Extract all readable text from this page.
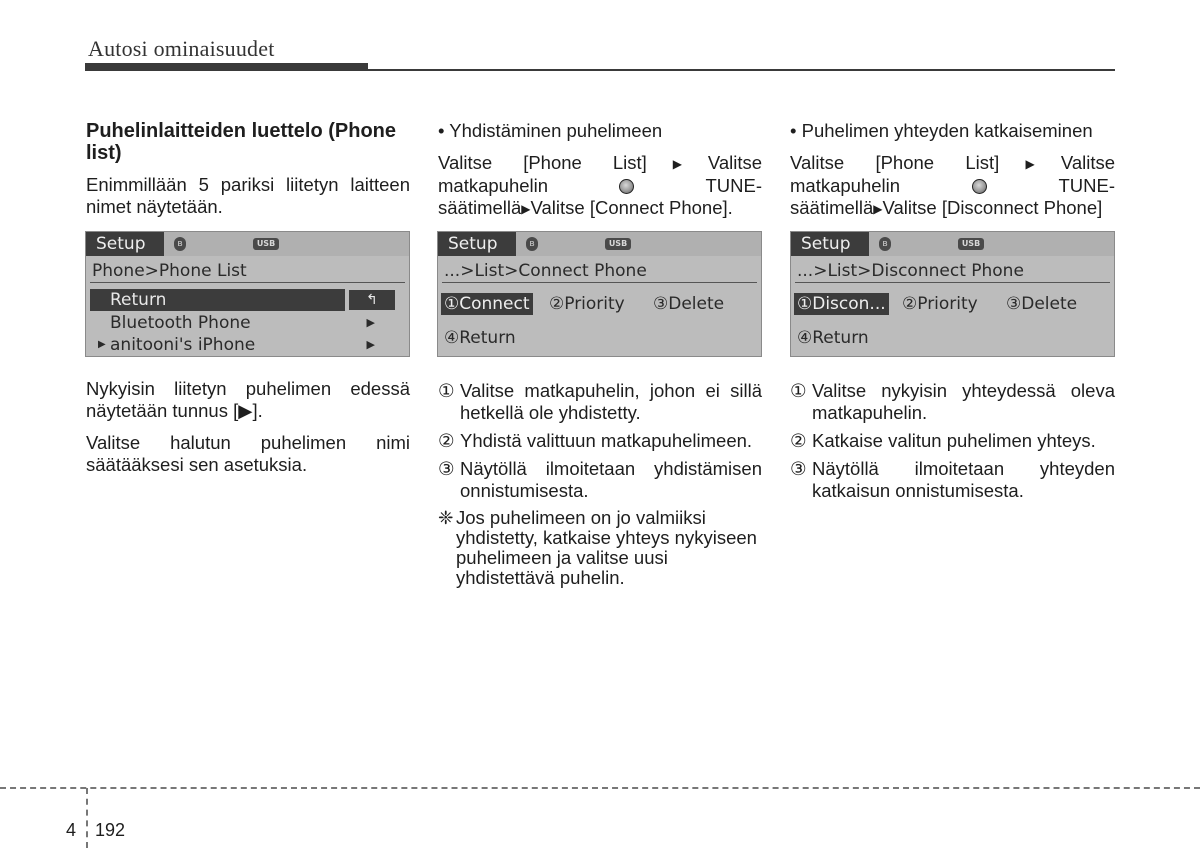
Autosi ominaisuudet
Puhelinlaitteiden luettelo (Phone list)

Enimmillään 5 pariksi liitetyn laitteen nimet näytetään.

Setup	ʙ	USB
Phone>Phone List
Return	↰
Bluetooth Phone	▶
▶ anitooni's iPhone	▶

Nykyisin liitetyn puhelimen edessä näytetään tunnus [▶].

Valitse halutun puhelimen nimi säätääksesi sen asetuksia.

• Yhdistäminen puhelimeen

Valitse [Phone List]▶Valitse matkapuhelin	TUNE-säätimellä▶Valitse [Connect Phone].

Setup	ʙ	USB
...>List>Connect Phone
①Connect ②Priority ③Delete
④Return
① Valitse matkapuhelin, johon ei sillä hetkellä ole yhdistetty.
② Yhdistä valittuun matkapuhelimeen.
③ Näytöllä ilmoitetaan yhdistämisen onnistumisesta.
❈ Jos puhelimeen on jo valmiiksi yhdistetty, katkaise yhteys nykyiseen puhelimeen ja valitse uusi yhdistettävä puhelin.
• Puhelimen yhteyden katkaiseminen

Valitse [Phone List]▶Valitse matkapuhelin	TUNE-säätimellä▶Valitse [Disconnect Phone]

Setup	ʙ	USB
...>List>Disconnect Phone
①Discon... ②Priority ③Delete
④Return
① Valitse nykyisin yhteydessä oleva matkapuhelin.
② Katkaise valitun puhelimen yhteys.
③ Näytöllä ilmoitetaan yhteyden katkaisun onnistumisesta.
4 192
